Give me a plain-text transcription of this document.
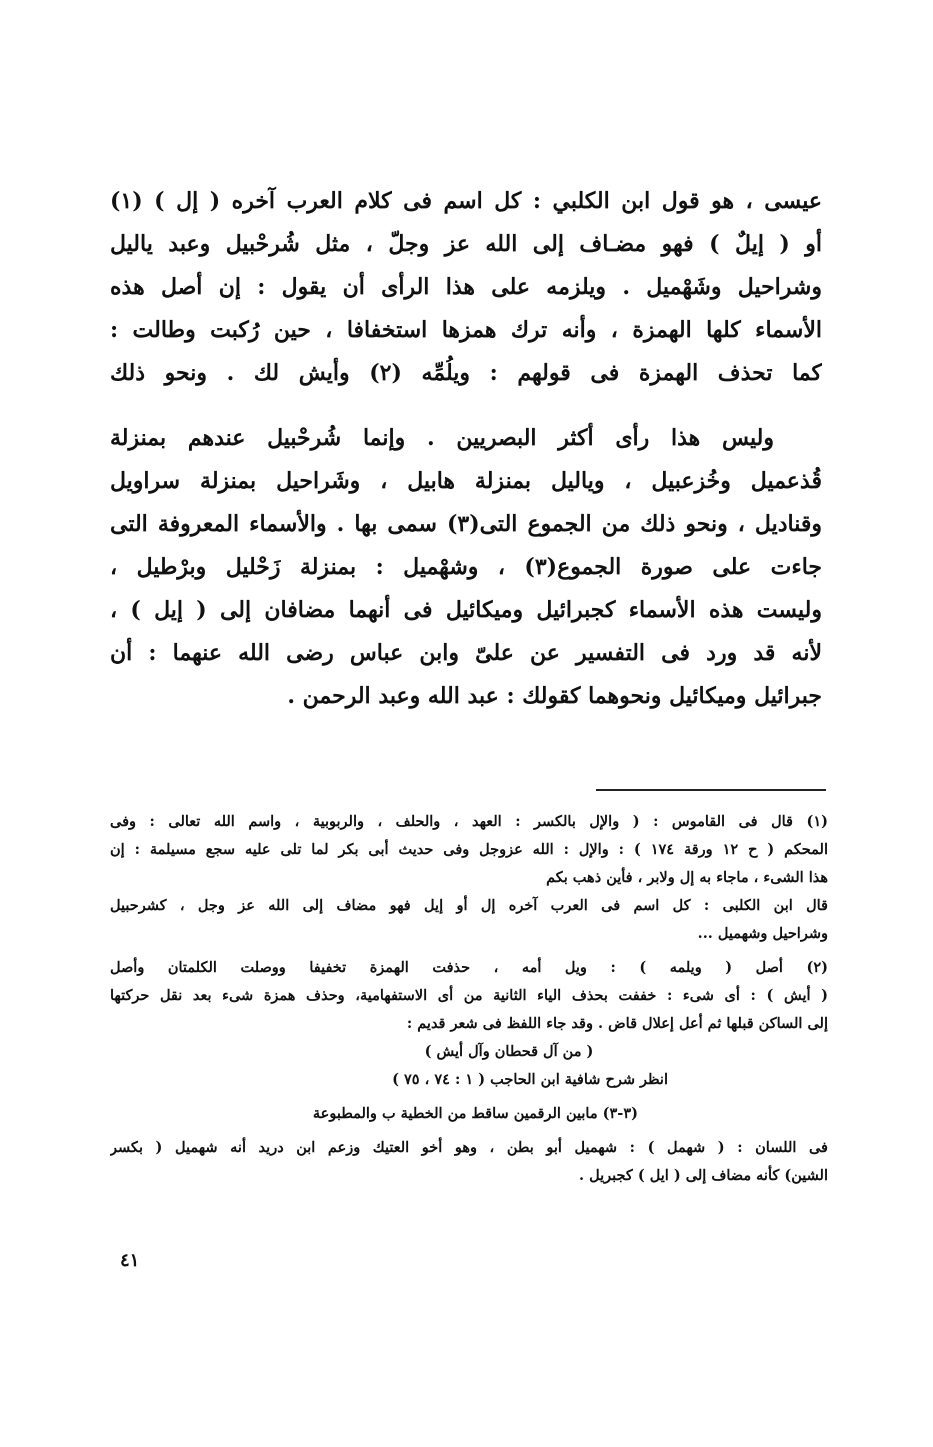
عيسى ، هو قول ابن الكلبي : كل اسم فى كلام العرب آخره ( إل ) (١)
أو ( إيلٌ ) فهو مضـاف إلى الله عز وجلّ ، مثل شُرحْبيل وعبد ياليل
وشراحيل وشَهْميل . ويلزمه على هذا الرأى أن يقول : إن أصل هذه
الأسماء كلها الهمزة ، وأنه ترك همزها استخفافا ، حين رُكبت وطالت :
كما تحذف الهمزة فى قولهم : ويلُمِّه (٢) وأيش لك . ونحو ذلك
وليس هذا رأى أكثر البصريين . وإنما شُرحْبيل عندهم بمنزلة
قُذعميل وخُزعبيل ، وياليل بمنزلة هابيل ، وشَراحيل بمنزلة سراويل
وقناديل ، ونحو ذلك من الجموع التى(٣) سمى بها . والأسماء المعروفة التى
جاءت على صورة الجموع(٣) ، وشهْميل : بمنزلة زَحْليل وبرْطيل ،
وليست هذه الأسماء كجبرائيل وميكائيل فى أنهما مضافان إلى ( إيل ) ،
لأنه قد ورد فى التفسير عن علىّ وابن عباس رضى الله عنهما : أن
جبرائيل وميكائيل ونحوهما كقولك : عبد الله وعبد الرحمن .
(١) قال فى القاموس : ( والإل بالكسر : العهد ، والحلف ، والربوبية ، واسم الله تعالى : وفى
المحكم ( ح ١٢ ورقة ١٧٤ ) : والإل : الله عزوجل وفى حديث أبى بكر لما تلى عليه سجع مسيلمة : إن
هذا الشىء ، ماجاء به إل ولابر ، فأين ذهب بكم
قال ابن الكلبى : كل اسم فى العرب آخره إل أو إيل فهو مضاف إلى الله عز وجل ، كشرحبيل
وشراحيل وشهميل ...
(٢) أصل ( ويلمه ) : ويل أمه ، حذفت الهمزة تخفيفا ووصلت الكلمتان وأصل
( أيش ) : أى شىء : خففت بحذف الياء الثانية من أى الاستفهامية، وحذف همزة شىء بعد نقل حركتها
إلى الساكن قبلها ثم أعل إعلال قاض . وقد جاء اللفظ فى شعر قديم :
( من آل قحطان وآل أيش )
انظر شرح شافية ابن الحاجب ( ١ : ٧٤ ، ٧٥ )
(٣-٣) مابين الرقمين ساقط من الخطية ب والمطبوعة
فى اللسان : ( شهمل ) : شهميل أبو بطن ، وهو أخو العتيك وزعم ابن دريد أنه شهميل ( بكسر
الشين) كأنه مضاف إلى ( ايل ) كجبريل .
٤١
